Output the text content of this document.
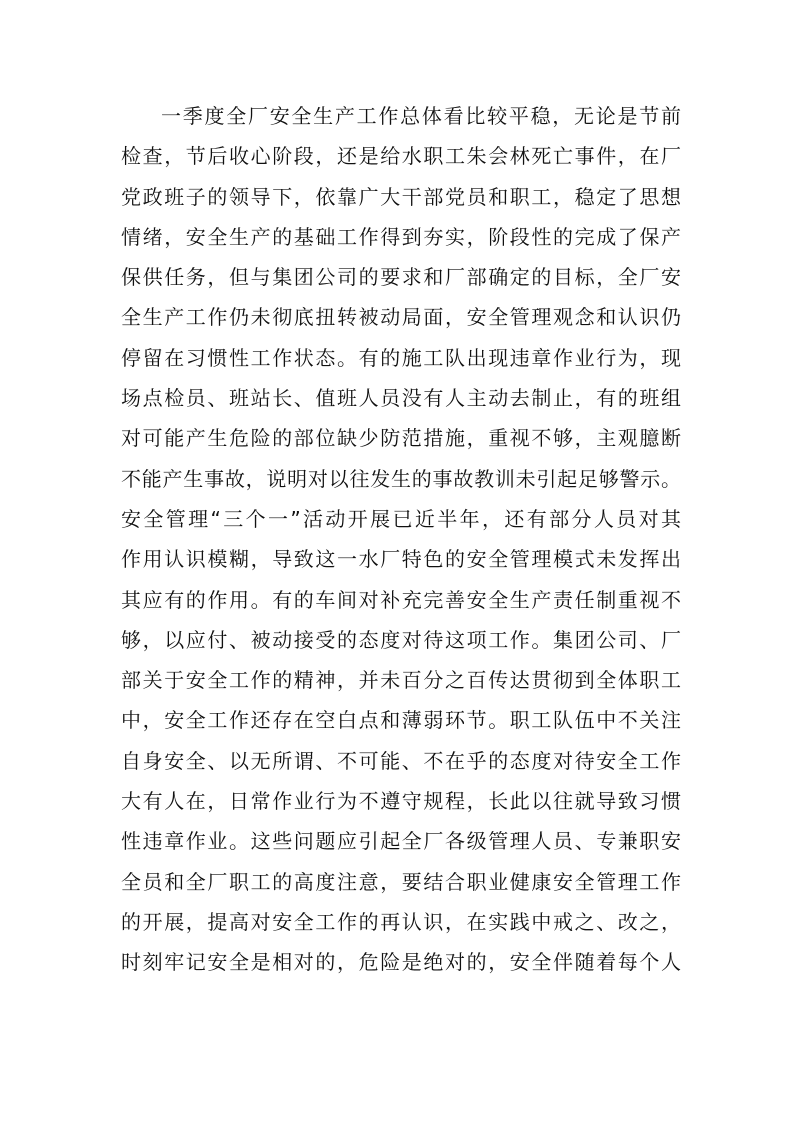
一季度全厂安全生产工作总体看比较平稳，无论是节前
检查，节后收心阶段，还是给水职工朱会林死亡事件，在厂
党政班子的领导下，依靠广大干部党员和职工，稳定了思想
情绪，安全生产的基础工作得到夯实，阶段性的完成了保产
保供任务，但与集团公司的要求和厂部确定的目标，全厂安
全生产工作仍未彻底扭转被动局面，安全管理观念和认识仍
停留在习惯性工作状态。有的施工队出现违章作业行为，现
场点检员、班站长、值班人员没有人主动去制止，有的班组
对可能产生危险的部位缺少防范措施，重视不够，主观臆断
不能产生事故，说明对以往发生的事故教训未引起足够警示。
安全管理“三个一”活动开展已近半年，还有部分人员对其
作用认识模糊，导致这一水厂特色的安全管理模式未发挥出
其应有的作用。有的车间对补充完善安全生产责任制重视不
够，以应付、被动接受的态度对待这项工作。集团公司、厂
部关于安全工作的精神，并未百分之百传达贯彻到全体职工
中，安全工作还存在空白点和薄弱环节。职工队伍中不关注
自身安全、以无所谓、不可能、不在乎的态度对待安全工作
大有人在，日常作业行为不遵守规程，长此以往就导致习惯
性违章作业。这些问题应引起全厂各级管理人员、专兼职安
全员和全厂职工的高度注意，要结合职业健康安全管理工作
的开展，提高对安全工作的再认识，在实践中戒之、改之，
时刻牢记安全是相对的，危险是绝对的，安全伴随着每个人
